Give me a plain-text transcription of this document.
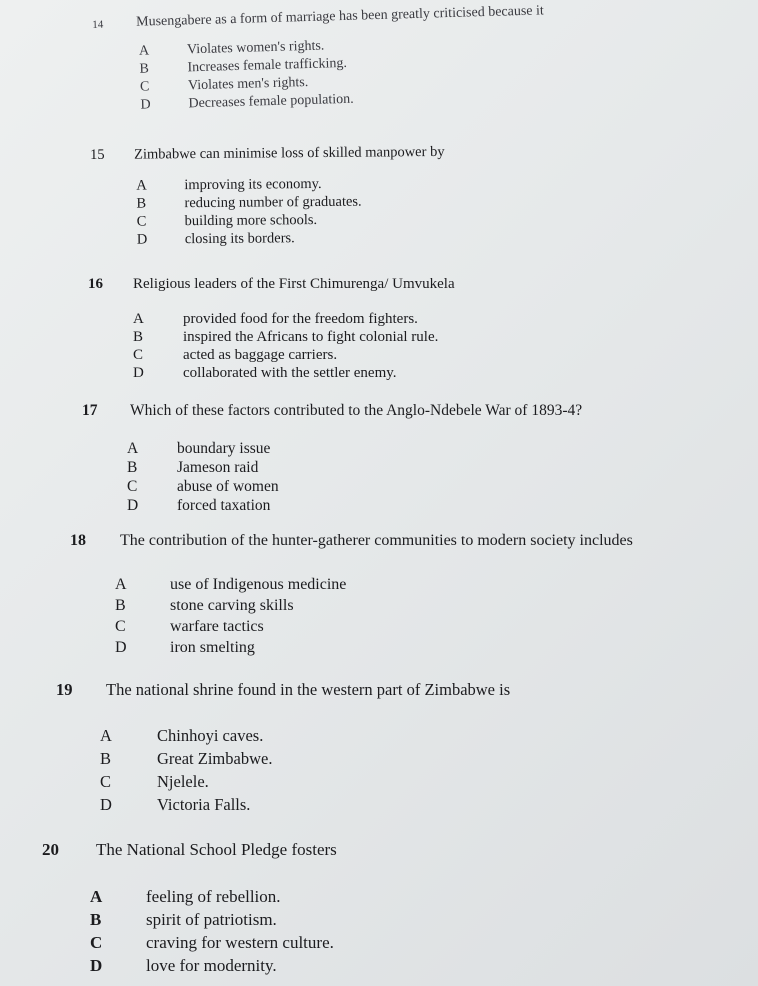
14 Musengabere as a form of marriage has been greatly criticised because it
A	Violates women's rights.
B	Increases female trafficking.
C	Violates men's rights.
D	Decreases female population.
15 Zimbabwe can minimise loss of skilled manpower by
A	improving its economy.
B	reducing number of graduates.
C	building more schools.
D	closing its borders.
16 Religious leaders of the First Chimurenga/ Umvukela
A	provided food for the freedom fighters.
B	inspired the Africans to fight colonial rule.
C	acted as baggage carriers.
D	collaborated with the settler enemy.
17 Which of these factors contributed to the Anglo-Ndebele War of 1893-4?
A	boundary issue
B	Jameson raid
C	abuse of women
D	forced taxation
18 The contribution of the hunter-gatherer communities to modern society includes
A	use of Indigenous medicine
B	stone carving skills
C	warfare tactics
D	iron smelting
19 The national shrine found in the western part of Zimbabwe is
A	Chinhoyi caves.
B	Great Zimbabwe.
C	Njelele.
D	Victoria Falls.
20 The National School Pledge fosters
A	feeling of rebellion.
B	spirit of patriotism.
C	craving for western culture.
D	love for modernity.
